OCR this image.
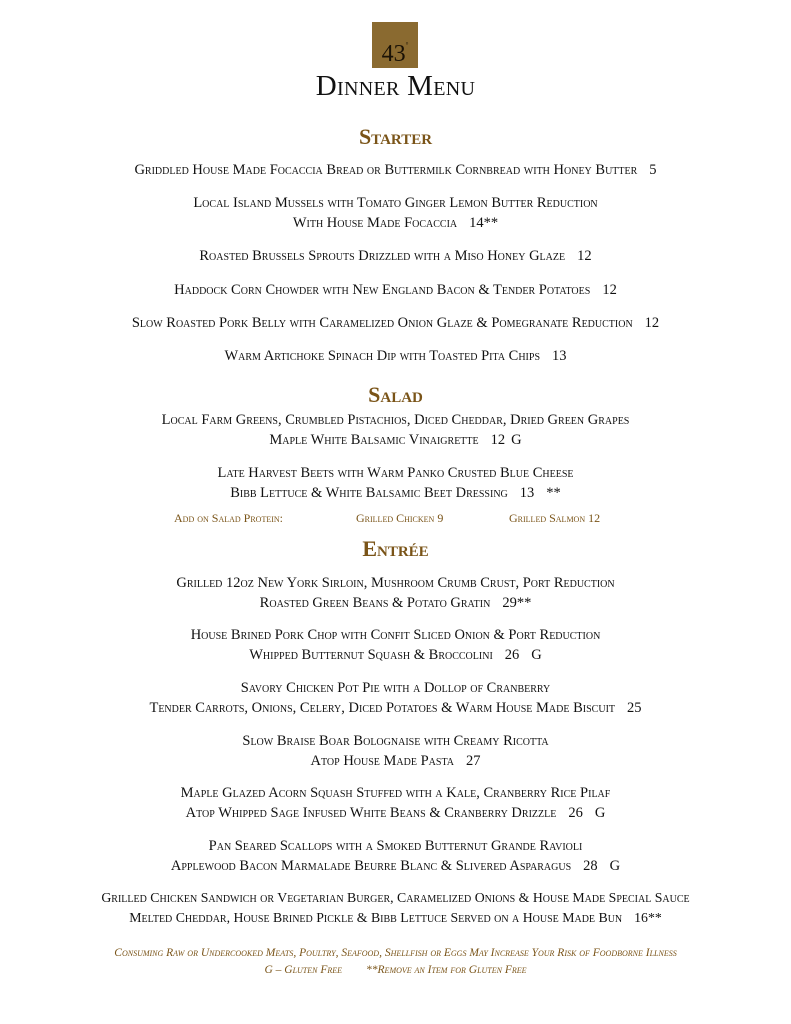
43°
Dinner Menu
Starter
Griddled House Made Focaccia Bread or Buttermilk Cornbread with Honey Butter 5
Local Island Mussels with Tomato Ginger Lemon Butter Reduction
With House Made Focaccia 14**
Roasted Brussels Sprouts Drizzled with a Miso Honey Glaze 12
Haddock Corn Chowder with New England Bacon & Tender Potatoes 12
Slow Roasted Pork Belly with Caramelized Onion Glaze & Pomegranate Reduction 12
Warm Artichoke Spinach Dip with Toasted Pita Chips 13
Salad
Local Farm Greens, Crumbled Pistachios, Diced Cheddar, Dried Green Grapes
Maple White Balsamic Vinaigrette 12 G
Late Harvest Beets with Warm Panko Crusted Blue Cheese
Bibb Lettuce & White Balsamic Beet Dressing 13 **
Add on Salad Protein:	Grilled Chicken 9	Grilled Salmon 12
Entrée
Grilled 12oz New York Sirloin, Mushroom Crumb Crust, Port Reduction
Roasted Green Beans & Potato Gratin 29**
House Brined Pork Chop with Confit Sliced Onion & Port Reduction
Whipped Butternut Squash & Broccolini 26 G
Savory Chicken Pot Pie with a Dollop of Cranberry
Tender Carrots, Onions, Celery, Diced Potatoes & Warm House Made Biscuit 25
Slow Braise Boar Bolognaise with Creamy Ricotta
Atop House Made Pasta 27
Maple Glazed Acorn Squash Stuffed with a Kale, Cranberry Rice Pilaf
Atop Whipped Sage Infused White Beans & Cranberry Drizzle 26 G
Pan Seared Scallops with a Smoked Butternut Grande Ravioli
Applewood Bacon Marmalade Beurre Blanc & Slivered Asparagus 28 G
Grilled Chicken Sandwich or Vegetarian Burger, Caramelized Onions & House Made Special Sauce
Melted Cheddar, House Brined Pickle & Bibb Lettuce Served on a House Made Bun 16**
Consuming Raw or Undercooked Meats, Poultry, Seafood, Shellfish or Eggs May Increase Your Risk of Foodborne Illness
G – Gluten Free **Remove an Item for Gluten Free
